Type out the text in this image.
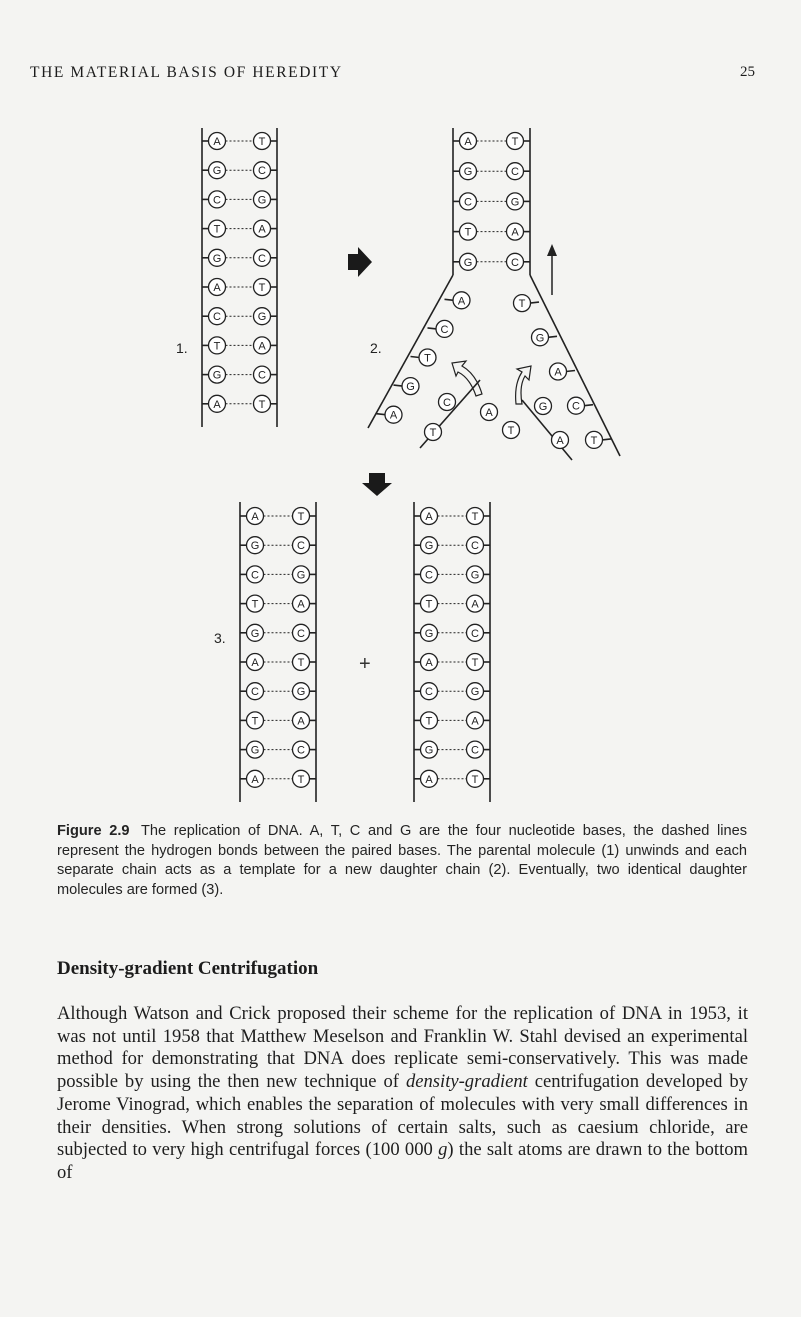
THE MATERIAL BASIS OF HEREDITY	25
A	T
G	C
C	G
T	A
G	C
A	T
C	G
T	A
G	C
A	T
A	T
G	C
C	G
T	A
G	C
A
C
T
G
A
T
G
A
C
T
C
T
A
T
G
A
A	T
G	C
C	G
T	A
G	C
A	T
C	G
T	A
G	C
A	T
A	T
G	C
C	G
T	A
G	C
A	T
C	G
T	A
G	C
A	T
1.	2.
3.
+
Figure 2.9 The replication of DNA. A, T, C and G are the four nucleotide bases, the dashed lines represent the hydrogen bonds between the paired bases. The parental molecule (1) unwinds and each separate chain acts as a template for a new daughter chain (2). Eventually, two identical daughter molecules are formed (3).
Density-gradient Centrifugation

Although Watson and Crick proposed their scheme for the replication of DNA in 1953, it was not until 1958 that Matthew Meselson and Franklin W. Stahl devised an experimental method for demonstrating that DNA does replicate semi-conservatively. This was made possible by using the then new technique of density-gradient centrifugation developed by Jerome Vinograd, which enables the separation of molecules with very small differences in their densities. When strong solutions of certain salts, such as caesium chloride, are subjected to very high centrifugal forces (100 000 g) the salt atoms are drawn to the bottom of
